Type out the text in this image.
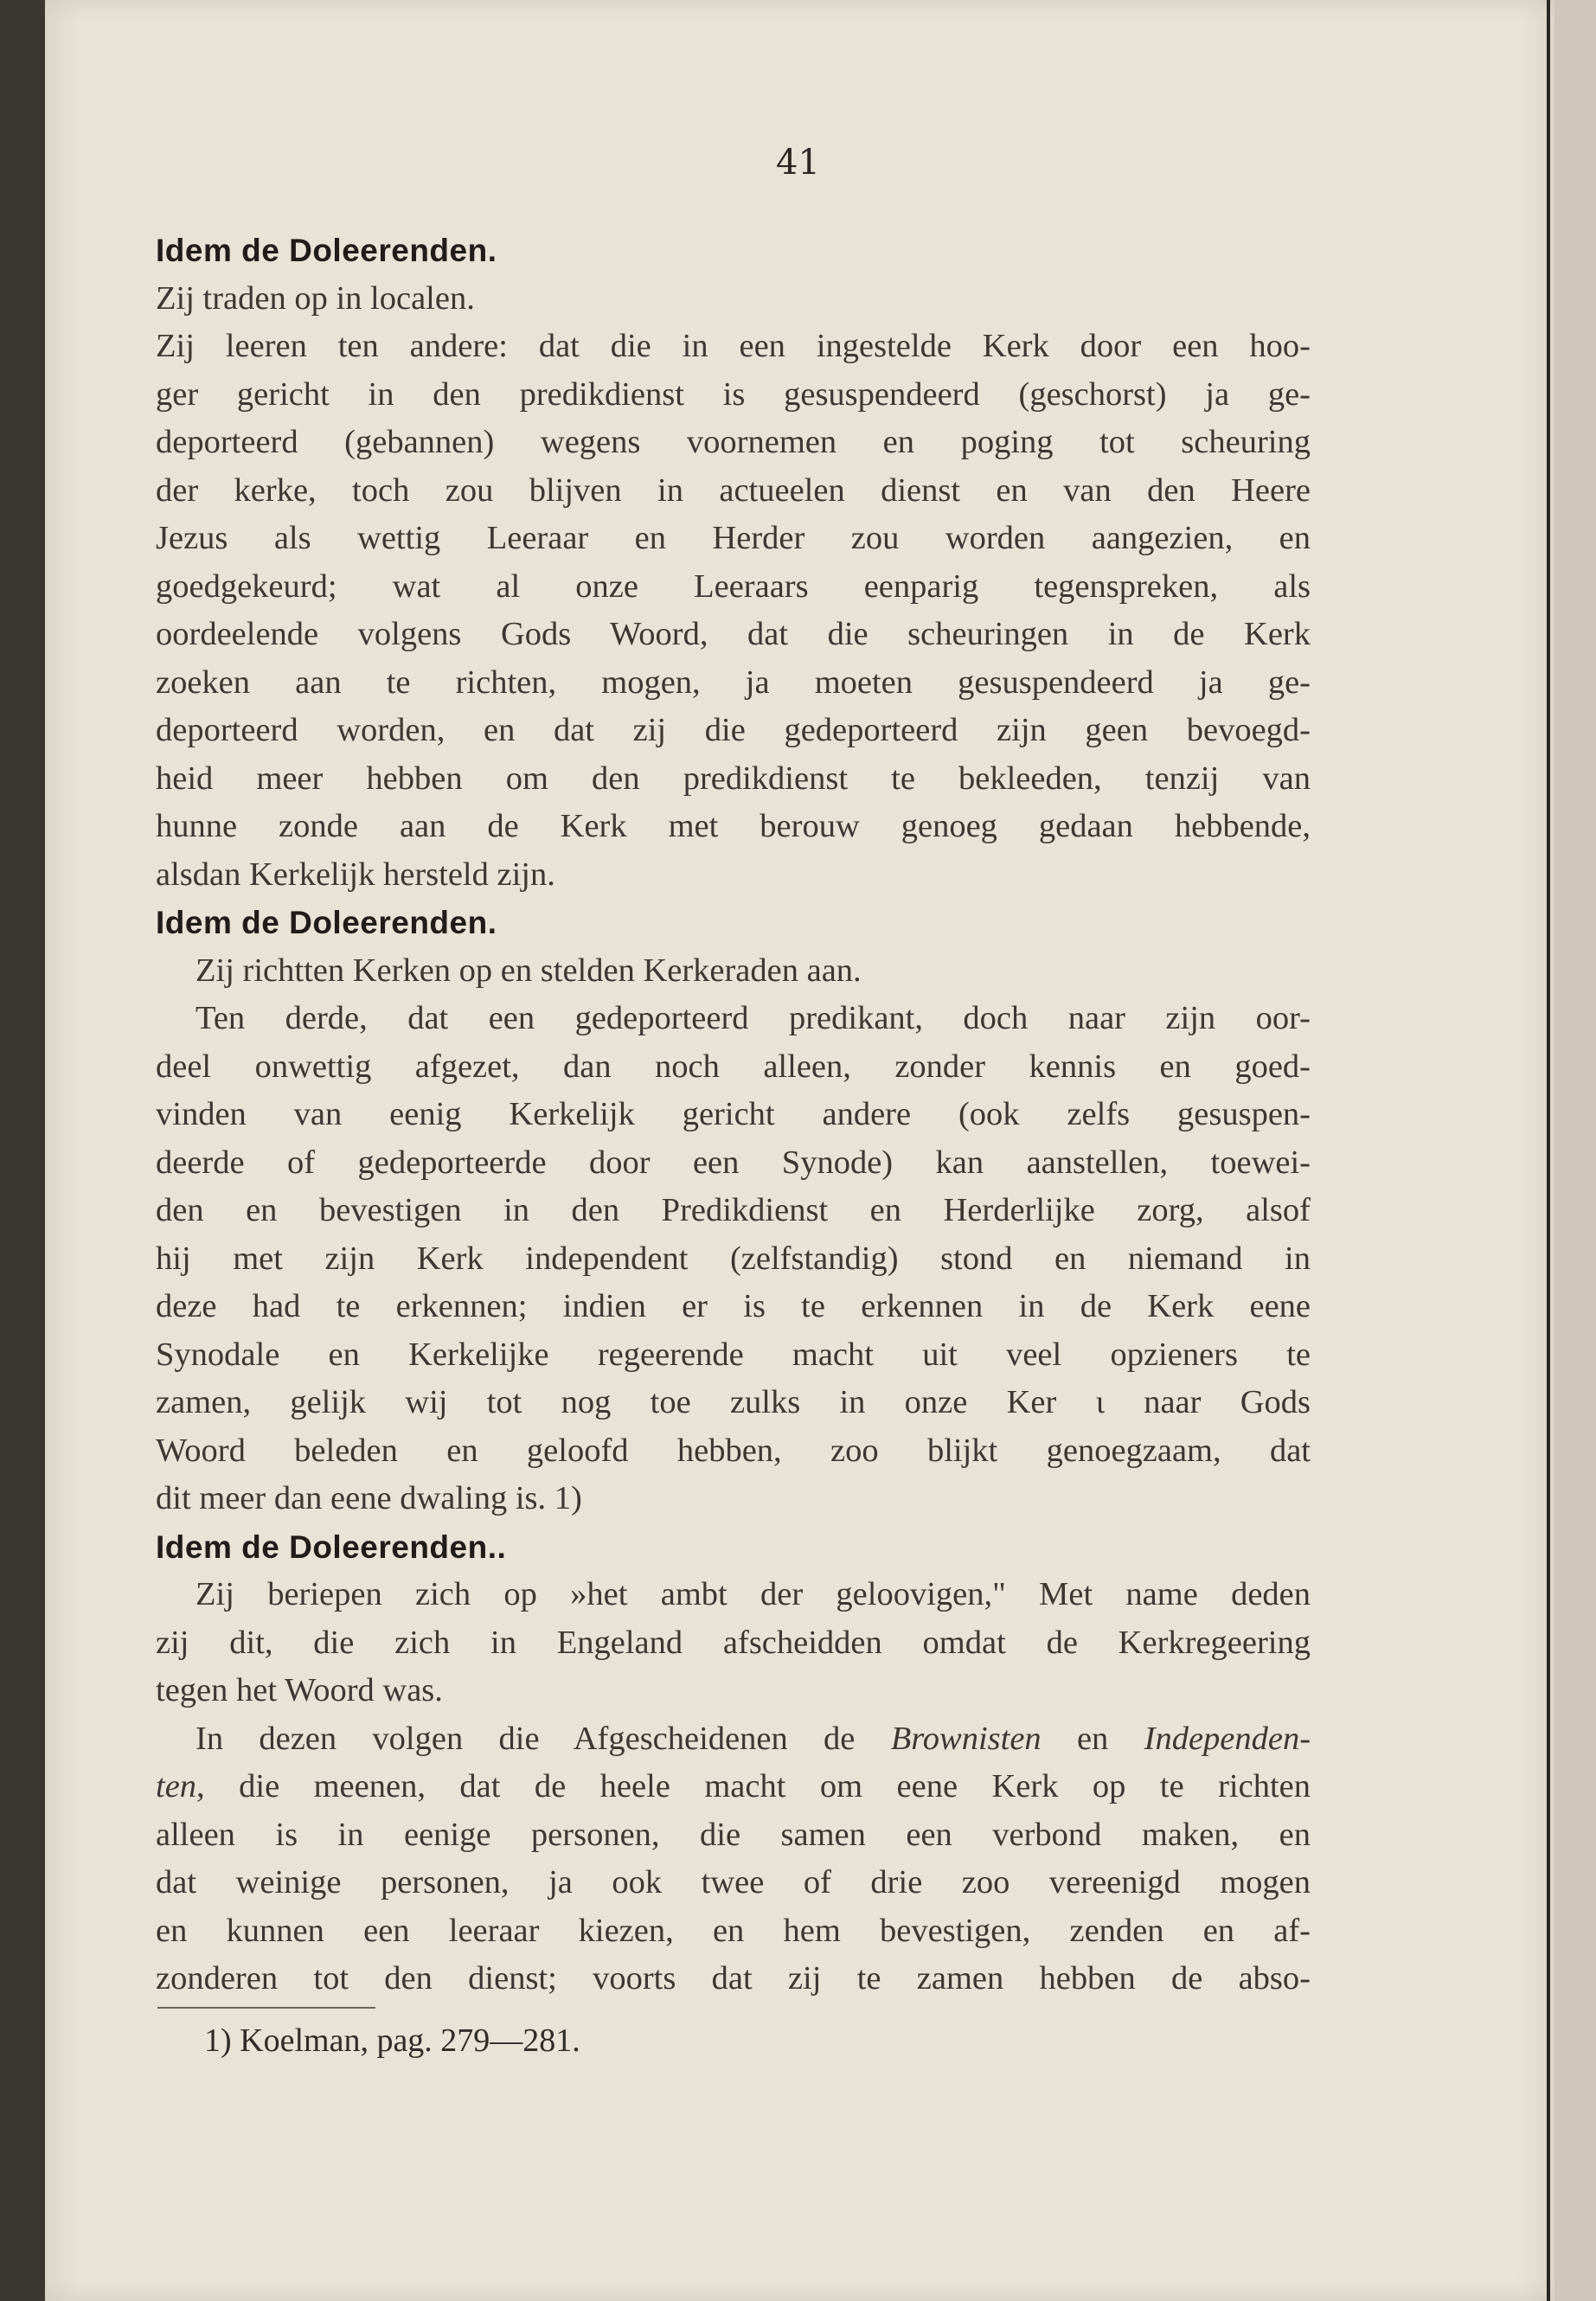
41
Idem de Doleerenden.
Zij traden op in localen.
Zij leeren ten andere: dat die in een ingestelde Kerk door een hoo-
ger gericht in den predikdienst is gesuspendeerd (geschorst) ja ge-
deporteerd (gebannen) wegens voornemen en poging tot scheuring
der kerke, toch zou blijven in actueelen dienst en van den Heere
Jezus als wettig Leeraar en Herder zou worden aangezien, en
goedgekeurd; wat al onze Leeraars eenparig tegenspreken, als
oordeelende volgens Gods Woord, dat die scheuringen in de Kerk
zoeken aan te richten, mogen, ja moeten gesuspendeerd ja ge-
deporteerd worden, en dat zij die gedeporteerd zijn geen bevoegd-
heid meer hebben om den predikdienst te bekleeden, tenzij van
hunne zonde aan de Kerk met berouw genoeg gedaan hebbende,
alsdan Kerkelijk hersteld zijn.
Idem de Doleerenden.
Zij richtten Kerken op en stelden Kerkeraden aan.
Ten derde, dat een gedeporteerd predikant, doch naar zijn oor-
deel onwettig afgezet, dan noch alleen, zonder kennis en goed-
vinden van eenig Kerkelijk gericht andere (ook zelfs gesuspen-
deerde of gedeporteerde door een Synode) kan aanstellen, toewei-
den en bevestigen in den Predikdienst en Herderlijke zorg, alsof
hij met zijn Kerk independent (zelfstandig) stond en niemand in
deze had te erkennen; indien er is te erkennen in de Kerk eene
Synodale en Kerkelijke regeerende macht uit veel opzieners te
zamen, gelijk wij tot nog toe zulks in onze Ker ι naar Gods
Woord beleden en geloofd hebben, zoo blijkt genoegzaam, dat
dit meer dan eene dwaling is. 1)
Idem de Doleerenden..
Zij beriepen zich op »het ambt der geloovigen," Met name deden
zij dit, die zich in Engeland afscheidden omdat de Kerkregeering
tegen het Woord was.
In dezen volgen die Afgescheidenen de Brownisten en Independen-
ten, die meenen, dat de heele macht om eene Kerk op te richten
alleen is in eenige personen, die samen een verbond maken, en
dat weinige personen, ja ook twee of drie zoo vereenigd mogen
en kunnen een leeraar kiezen, en hem bevestigen, zenden en af-
zonderen tot den dienst; voorts dat zij te zamen hebben de abso-
1) Koelman, pag. 279—281.
